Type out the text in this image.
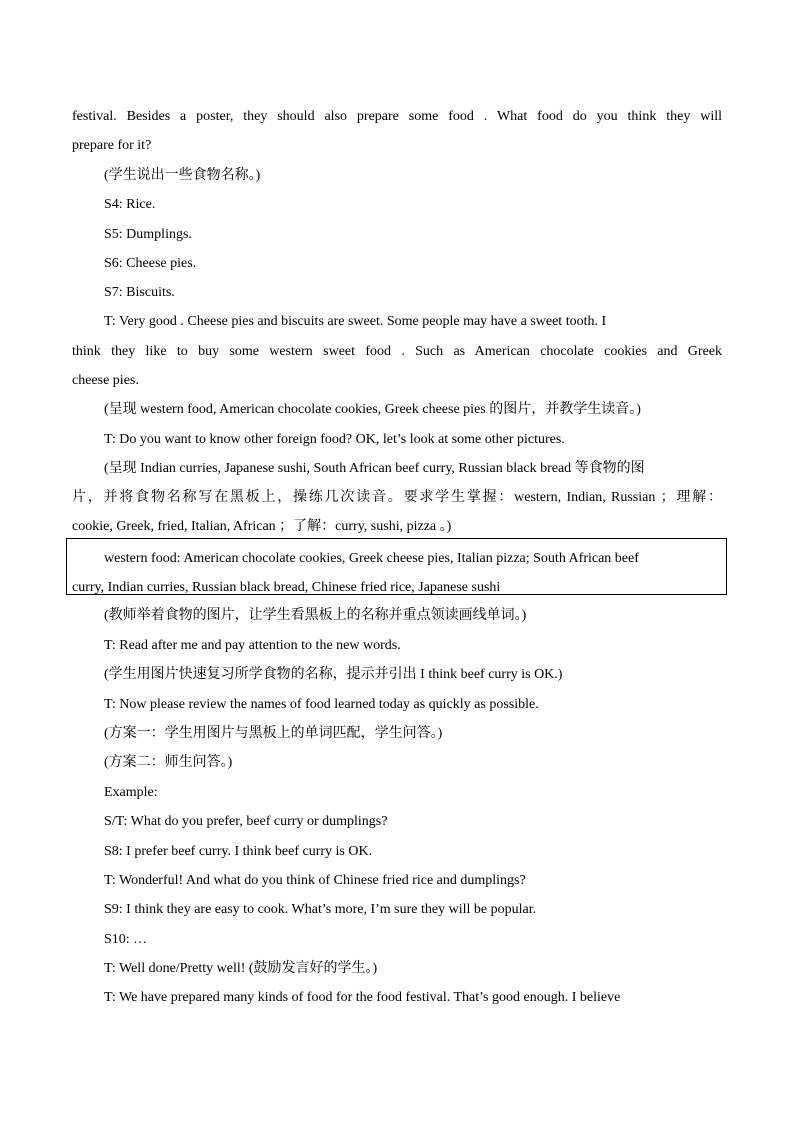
festival. Besides a poster, they should also prepare some food . What food do you think they will
prepare for it?
(学生说出一些食物名称。)
S4: Rice.
S5: Dumplings.
S6: Cheese pies.
S7: Biscuits.
T: Very good . Cheese pies and biscuits are sweet. Some people may have a sweet tooth. I
think they like to buy some western sweet food . Such as American chocolate cookies and Greek
cheese pies.
(呈现 western food, American chocolate cookies, Greek cheese pies 的图片，并教学生读音。)
T: Do you want to know other foreign food? OK, let’s look at some other pictures.
(呈现 Indian curries, Japanese sushi, South African beef curry, Russian black bread 等食物的图
片，并将食物名称写在黑板上，操练几次读音。要求学生掌握：western, Indian, Russian ；理解：
cookie, Greek, fried, Italian, African ；了解：curry, sushi, pizza 。)
western food: American chocolate cookies, Greek cheese pies, Italian pizza; South African beef
curry, Indian curries, Russian black bread, Chinese fried rice, Japanese sushi
(教师举着食物的图片，让学生看黑板上的名称并重点领读画线单词。)
T: Read after me and pay attention to the new words.
(学生用图片快速复习所学食物的名称，提示并引出 I think beef curry is OK.)
T: Now please review the names of food learned today as quickly as possible.
(方案一：学生用图片与黑板上的单词匹配，学生问答。)
(方案二：师生问答。)
Example:
S/T: What do you prefer, beef curry or dumplings?
S8: I prefer beef curry. I think beef curry is OK.
T: Wonderful! And what do you think of Chinese fried rice and dumplings?
S9: I think they are easy to cook. What’s more, I’m sure they will be popular.
S10: …
T: Well done/Pretty well! (鼓励发言好的学生。)
T: We have prepared many kinds of food for the food festival. That’s good enough. I believe
